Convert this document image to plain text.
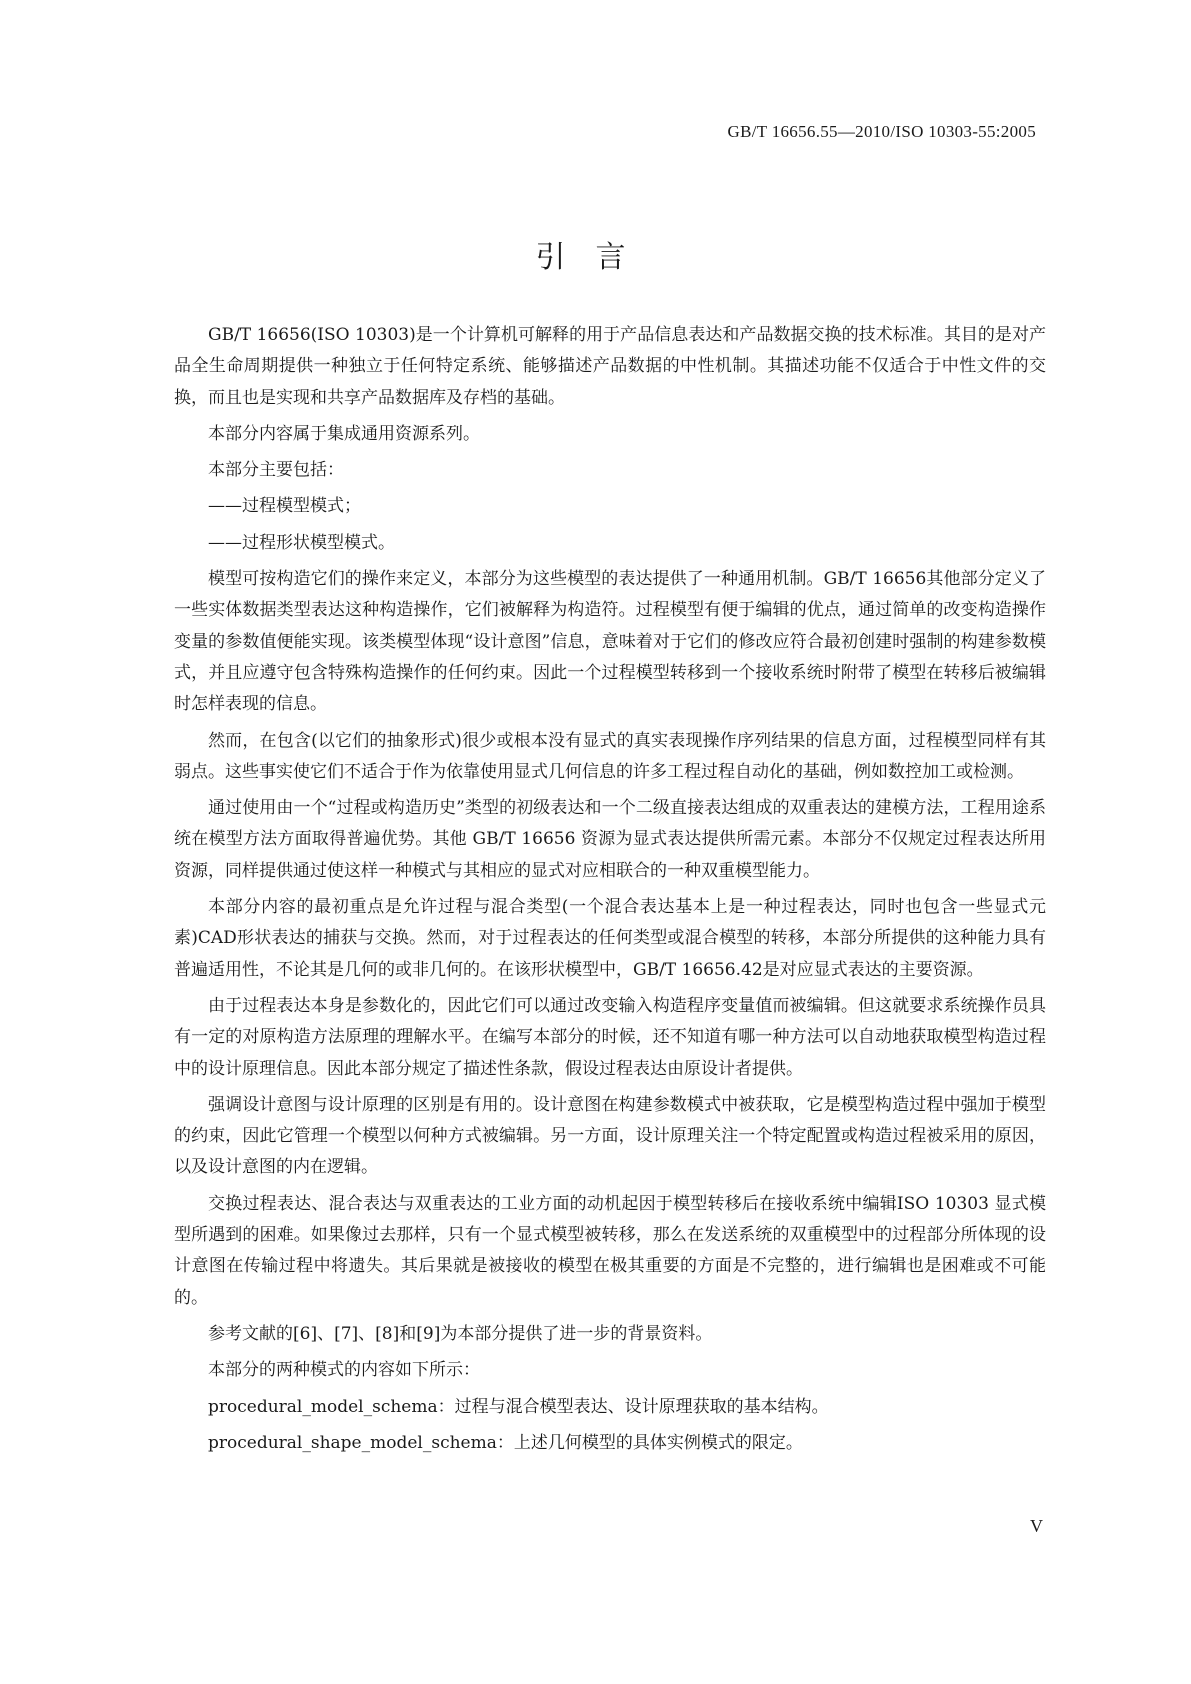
GB/T 16656.55—2010/ISO 10303-55:2005
引言

GB/T 16656(ISO 10303)是一个计算机可解释的用于产品信息表达和产品数据交换的技术标准。其目的是对产品全生命周期提供一种独立于任何特定系统、能够描述产品数据的中性机制。其描述功能不仅适合于中性文件的交换，而且也是实现和共享产品数据库及存档的基础。

本部分内容属于集成通用资源系列。

本部分主要包括：

——过程模型模式；

——过程形状模型模式。

模型可按构造它们的操作来定义，本部分为这些模型的表达提供了一种通用机制。GB/T 16656其他部分定义了一些实体数据类型表达这种构造操作，它们被解释为构造符。过程模型有便于编辑的优点，通过简单的改变构造操作变量的参数值便能实现。该类模型体现“设计意图”信息，意味着对于它们的修改应符合最初创建时强制的构建参数模式，并且应遵守包含特殊构造操作的任何约束。因此一个过程模型转移到一个接收系统时附带了模型在转移后被编辑时怎样表现的信息。

然而，在包含(以它们的抽象形式)很少或根本没有显式的真实表现操作序列结果的信息方面，过程模型同样有其弱点。这些事实使它们不适合于作为依靠使用显式几何信息的许多工程过程自动化的基础，例如数控加工或检测。

通过使用由一个“过程或构造历史”类型的初级表达和一个二级直接表达组成的双重表达的建模方法，工程用途系统在模型方法方面取得普遍优势。其他 GB/T 16656 资源为显式表达提供所需元素。本部分不仅规定过程表达所用资源，同样提供通过使这样一种模式与其相应的显式对应相联合的一种双重模型能力。

本部分内容的最初重点是允许过程与混合类型(一个混合表达基本上是一种过程表达，同时也包含一些显式元素)CAD形状表达的捕获与交换。然而，对于过程表达的任何类型或混合模型的转移，本部分所提供的这种能力具有普遍适用性，不论其是几何的或非几何的。在该形状模型中，GB/T 16656.42是对应显式表达的主要资源。

由于过程表达本身是参数化的，因此它们可以通过改变输入构造程序变量值而被编辑。但这就要求系统操作员具有一定的对原构造方法原理的理解水平。在编写本部分的时候，还不知道有哪一种方法可以自动地获取模型构造过程中的设计原理信息。因此本部分规定了描述性条款，假设过程表达由原设计者提供。

强调设计意图与设计原理的区别是有用的。设计意图在构建参数模式中被获取，它是模型构造过程中强加于模型的约束，因此它管理一个模型以何种方式被编辑。另一方面，设计原理关注一个特定配置或构造过程被采用的原因，以及设计意图的内在逻辑。

交换过程表达、混合表达与双重表达的工业方面的动机起因于模型转移后在接收系统中编辑ISO 10303 显式模型所遇到的困难。如果像过去那样，只有一个显式模型被转移，那么在发送系统的双重模型中的过程部分所体现的设计意图在传输过程中将遗失。其后果就是被接收的模型在极其重要的方面是不完整的，进行编辑也是困难或不可能的。

参考文献的[6]、[7]、[8]和[9]为本部分提供了进一步的背景资料。

本部分的两种模式的内容如下所示：

procedural_model_schema：过程与混合模型表达、设计原理获取的基本结构。

procedural_shape_model_schema：上述几何模型的具体实例模式的限定。

V
